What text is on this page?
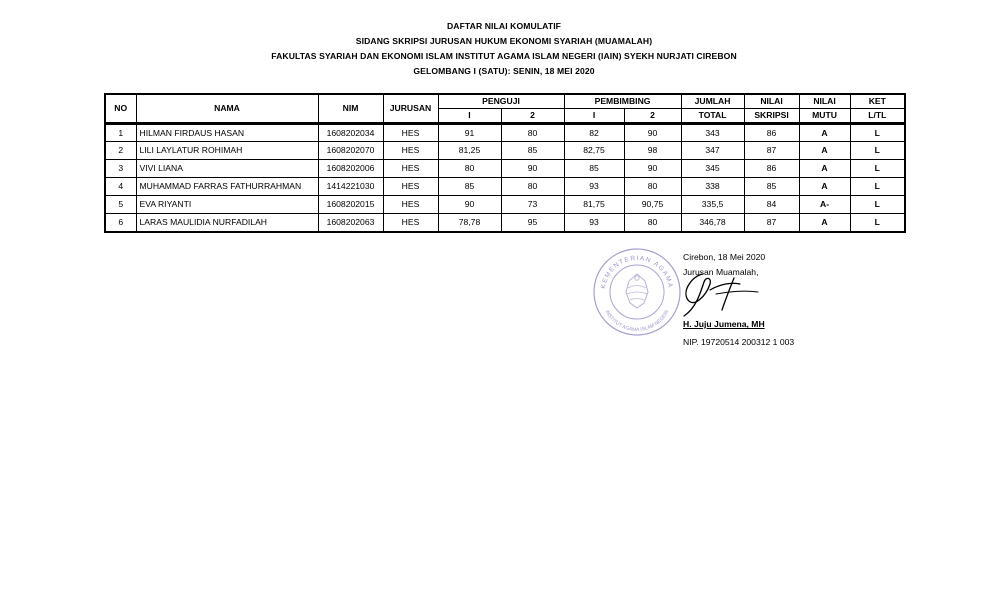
DAFTAR NILAI KOMULATIF
SIDANG SKRIPSI JURUSAN HUKUM EKONOMI SYARIAH (MUAMALAH)
FAKULTAS SYARIAH DAN EKONOMI ISLAM INSTITUT AGAMA ISLAM NEGERI (IAIN) SYEKH NURJATI CIREBON
GELOMBANG I (SATU): SENIN, 18 MEI 2020
NO	NAMA	NIM	JURUSAN	PENGUJI		PEMBIMBING		JUMLAH	NILAI	NILAI	KET
				I	2	I	2	TOTAL	SKRIPSI	MUTU	L/TL
1	HILMAN FIRDAUS HASAN	1608202034	HES	91	80	82	90	343	86	A	L
2	LILI LAYLATUR ROHIMAH	1608202070	HES	81,25	85	82,75	98	347	87	A	L
3	VIVI LIANA	1608202006	HES	80	90	85	90	345	86	A	L
4	MUHAMMAD FARRAS FATHURRAHMAN	1414221030	HES	85	80	93	80	338	85	A	L
5	EVA RIYANTI	1608202015	HES	90	73	81,75	90,75	335,5	84	A-	L
6	LARAS MAULIDIA NURFADILAH	1608202063	HES	78,78	95	93	80	346,78	87	A	L
KEMENTERIAN AGAMA
INSTITUT AGAMA ISLAM NEGERI
Cirebon, 18 Mei 2020
Jurusan Muamalah,
H. Juju Jumena, MH
NIP. 19720514 200312 1 003
